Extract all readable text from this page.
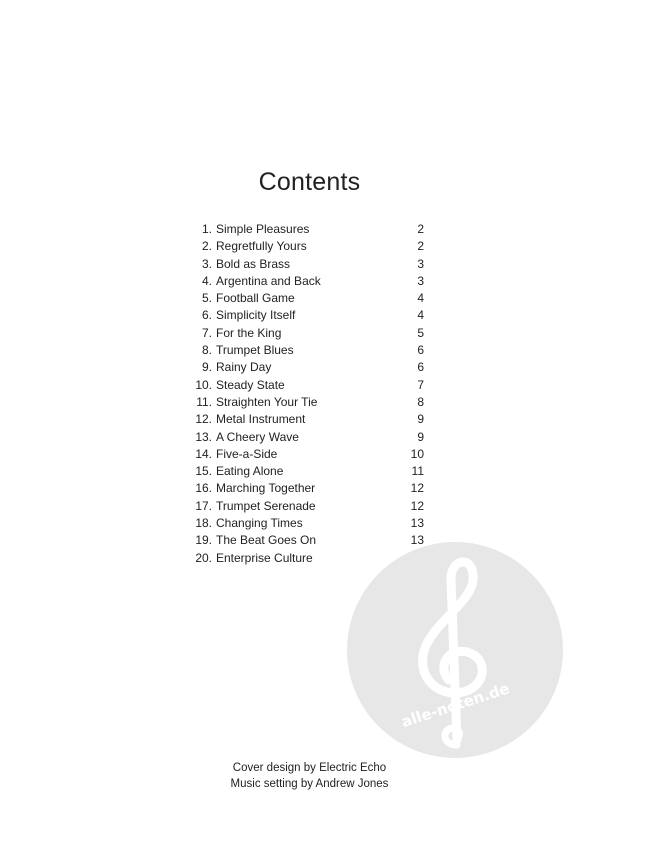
Contents
1. Simple Pleasures	2
2. Regretfully Yours	2
3. Bold as Brass	3
4. Argentina and Back	3
5. Football Game	4
6. Simplicity Itself	4
7. For the King	5
8. Trumpet Blues	6
9. Rainy Day	6
10. Steady State	7
11. Straighten Your Tie	8
12. Metal Instrument	9
13. A Cheery Wave	9
14. Five-a-Side	10
15. Eating Alone	11
16. Marching Together	12
17. Trumpet Serenade	12
18. Changing Times	13
19. The Beat Goes On	13
20. Enterprise Culture
Cover design by Electric Echo
Music setting by Andrew Jones
alle-noten.de
